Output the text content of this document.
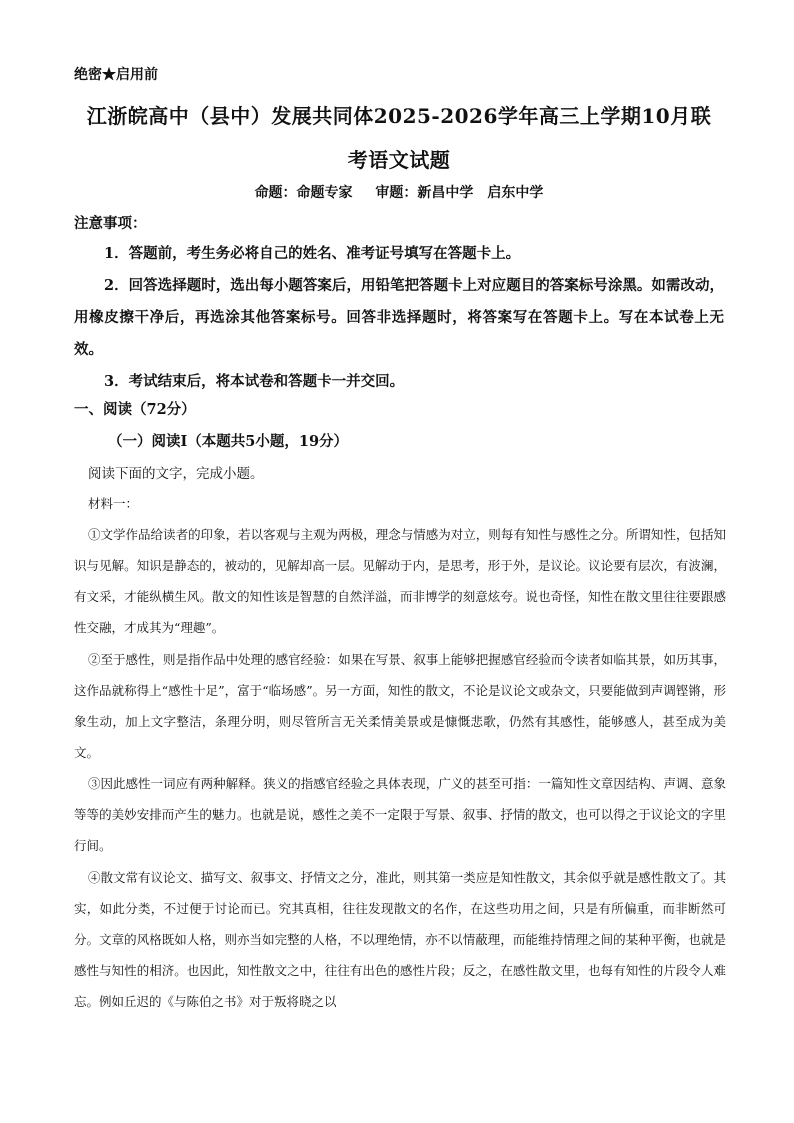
绝密★启用前
江浙皖高中（县中）发展共同体2025-2026学年高三上学期10月联
考语文试题
命题：命题专家　 审题：新昌中学　启东中学
注意事项：
1．答题前，考生务必将自己的姓名、准考证号填写在答题卡上。
2．回答选择题时，选出每小题答案后，用铅笔把答题卡上对应题目的答案标号涂黑。如需改动，用橡皮擦干净后，再选涂其他答案标号。回答非选择题时，将答案写在答题卡上。写在本试卷上无效。
3．考试结束后，将本试卷和答题卡一并交回。
一、阅读（72分）
（一）阅读Ⅰ（本题共5小题，19分）
阅读下面的文字，完成小题。
材料一：
①文学作品给读者的印象，若以客观与主观为两极，理念与情感为对立，则每有知性与感性之分。所谓知性，包括知识与见解。知识是静态的，被动的，见解却高一层。见解动于内，是思考，形于外，是议论。议论要有层次，有波澜，有文采，才能纵横生风。散文的知性该是智慧的自然洋溢，而非博学的刻意炫夸。说也奇怪，知性在散文里往往要跟感性交融，才成其为“理趣”。
②至于感性，则是指作品中处理的感官经验：如果在写景、叙事上能够把握感官经验而令读者如临其景，如历其事，这作品就称得上“感性十足”，富于“临场感”。另一方面，知性的散文，不论是议论文或杂文，只要能做到声调铿锵，形象生动，加上文字整洁，条理分明，则尽管所言无关柔情美景或是慷慨悲歌，仍然有其感性，能够感人，甚至成为美文。
③因此感性一词应有两种解释。狭义的指感官经验之具体表现，广义的甚至可指：一篇知性文章因结构、声调、意象等等的美妙安排而产生的魅力。也就是说，感性之美不一定限于写景、叙事、抒情的散文，也可以得之于议论文的字里行间。
④散文常有议论文、描写文、叙事文、抒情文之分，准此，则其第一类应是知性散文，其余似乎就是感性散文了。其实，如此分类，不过便于讨论而已。究其真相，往往发现散文的名作，在这些功用之间，只是有所偏重，而非断然可分。文章的风格既如人格，则亦当如完整的人格，不以理绝情，亦不以情蔽理，而能维持情理之间的某种平衡，也就是感性与知性的相济。也因此，知性散文之中，往往有出色的感性片段；反之，在感性散文里，也每有知性的片段令人难忘。例如丘迟的《与陈伯之书》对于叛将晓之以
